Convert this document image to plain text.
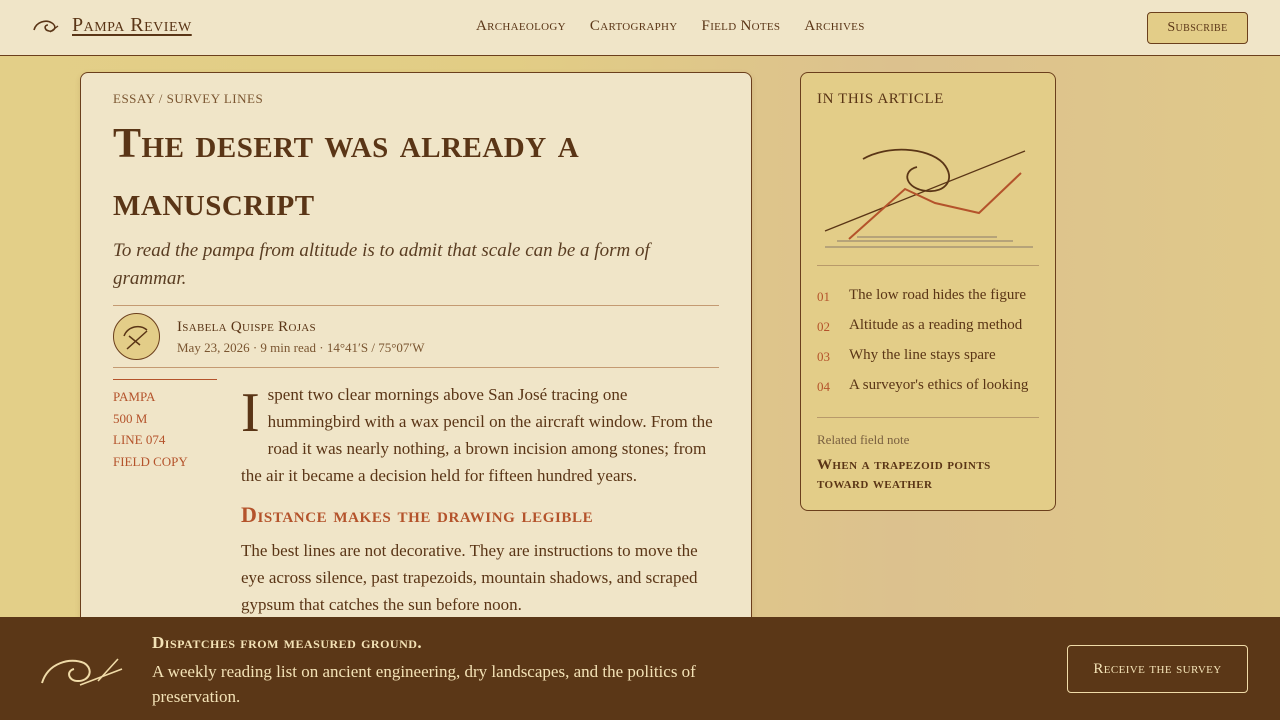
Pampa Review	Archaeology Cartography Field Notes Archives	Subscribe
ESSAY / SURVEY LINES
The desert was already a manuscript

To read the pampa from altitude is to admit that scale can be a form of grammar.

Isabela Quispe Rojas
May 23, 2026 · 9 min read · 14°41′S / 75°07′W
PAMPA
500 M
LINE 074
FIELD COPY

Ispent two clear mornings above San José tracing one hummingbird with a wax pencil on the aircraft window. From the road it was nearly nothing, a brown incision among stones; from the air it became a decision held for fifteen hundred years.

Distance makes the drawing legible

The best lines are not decorative. They are instructions to move the eye across silence, past trapezoids, mountain shadows, and scraped gypsum that catches the sun before noon.

IN THIS ARTICLE
01	The low road hides the figure
02	Altitude as a reading method
03	Why the line stays spare
04	A surveyor's ethics of looking
Related field note
When a trapezoid points toward weather
Dispatches from measured ground.

A weekly reading list on ancient engineering, dry landscapes, and the politics of preservation.

Receive the survey
